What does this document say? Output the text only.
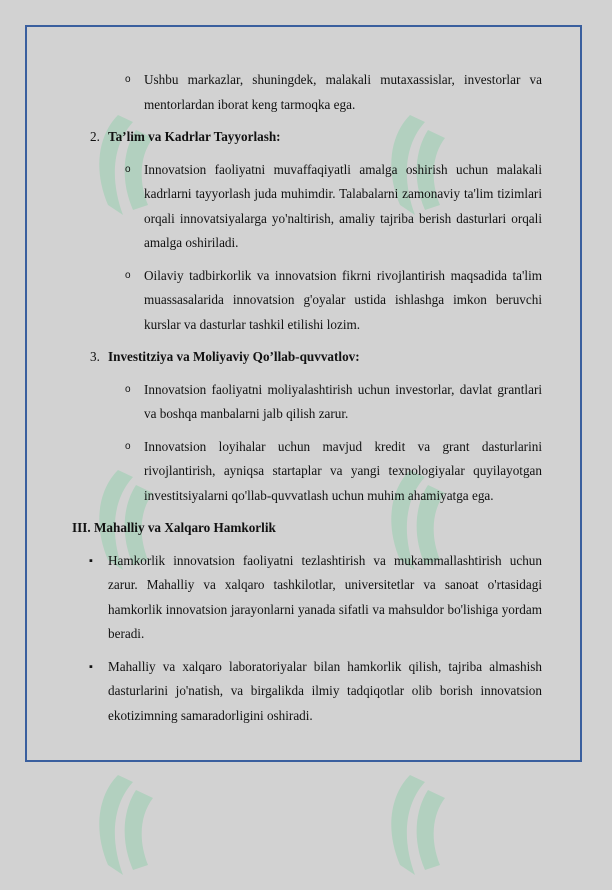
o Ushbu markazlar, shuningdek, malakali mutaxassislar, investorlar va mentorlardan iborat keng tarmoqka ega.
2. Ta’lim va Kadrlar Tayyorlash:
o Innovatsion faoliyatni muvaffaqiyatli amalga oshirish uchun malakali kadrlarni tayyorlash juda muhimdir. Talabalarni zamonaviy ta'lim tizimlari orqali innovatsiyalarga yo'naltirish, amaliy tajriba berish dasturlari orqali amalga oshiriladi.
o Oilaviy tadbirkorlik va innovatsion fikrni rivojlantirish maqsadida ta'lim muassasalarida innovatsion g'oyalar ustida ishlashga imkon beruvchi kurslar va dasturlar tashkil etilishi lozim.
3. Investitziya va Moliyaviy Qo’llab-quvvatlov:
o Innovatsion faoliyatni moliyalashtirish uchun investorlar, davlat grantlari va boshqa manbalarni jalb qilish zarur.
o Innovatsion loyihalar uchun mavjud kredit va grant dasturlarini rivojlantirish, ayniqsa startaplar va yangi texnologiyalar quyilayotgan investitsiyalarni qo'llab-quvvatlash uchun muhim ahamiyatga ega.
III. Mahalliy va Xalqaro Hamkorlik
▪ Hamkorlik innovatsion faoliyatni tezlashtirish va mukammallashtirish uchun zarur. Mahalliy va xalqaro tashkilotlar, universitetlar va sanoat o'rtasidagi hamkorlik innovatsion jarayonlarni yanada sifatli va mahsuldor bo'lishiga yordam beradi.
▪ Mahalliy va xalqaro laboratoriyalar bilan hamkorlik qilish, tajriba almashish dasturlarini jo'natish, va birgalikda ilmiy tadqiqotlar olib borish innovatsion ekotizimning samaradorligini oshiradi.
